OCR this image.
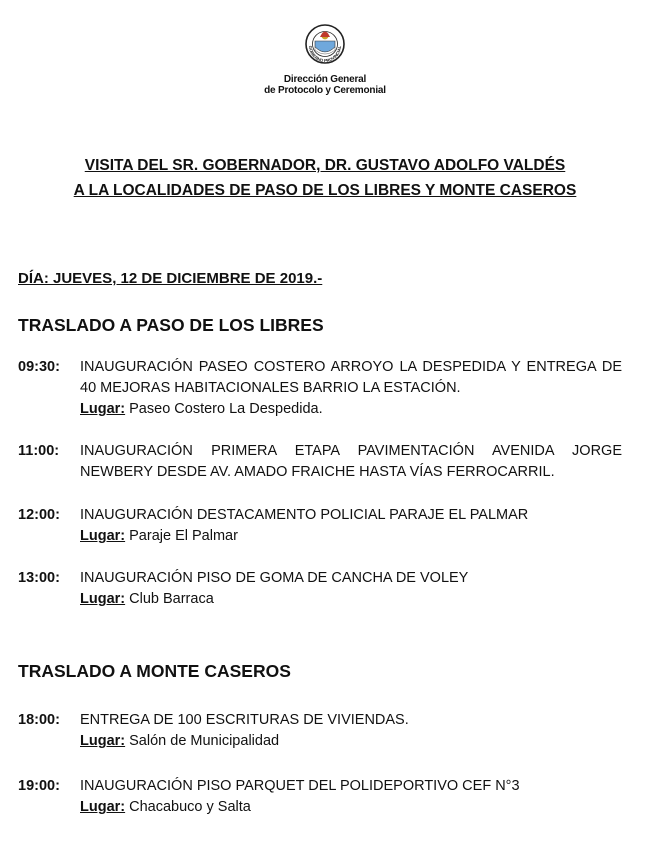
GOBIERNO PROVINCIAL
Dirección General
de Protocolo y Ceremonial
VISITA DEL SR. GOBERNADOR, DR. GUSTAVO ADOLFO VALDÉS
A LA LOCALIDADES DE PASO DE LOS LIBRES Y MONTE CASEROS
DÍA: JUEVES, 12 DE DICIEMBRE DE 2019.-
TRASLADO A PASO DE LOS LIBRES
09:30: INAUGURACIÓN PASEO COSTERO ARROYO LA DESPEDIDA Y ENTREGA DE 40 MEJORAS HABITACIONALES BARRIO LA ESTACIÓN.
Lugar: Paseo Costero La Despedida.
11:00: INAUGURACIÓN PRIMERA ETAPA PAVIMENTACIÓN AVENIDA JORGE NEWBERY DESDE AV. AMADO FRAICHE HASTA VÍAS FERROCARRIL.
12:00: INAUGURACIÓN DESTACAMENTO POLICIAL PARAJE EL PALMAR
Lugar: Paraje El Palmar
13:00: INAUGURACIÓN PISO DE GOMA DE CANCHA DE VOLEY
Lugar: Club Barraca
TRASLADO A MONTE CASEROS
18:00: ENTREGA DE 100 ESCRITURAS DE VIVIENDAS.
Lugar: Salón de Municipalidad
19:00: INAUGURACIÓN PISO PARQUET DEL POLIDEPORTIVO CEF N°3
Lugar: Chacabuco y Salta
